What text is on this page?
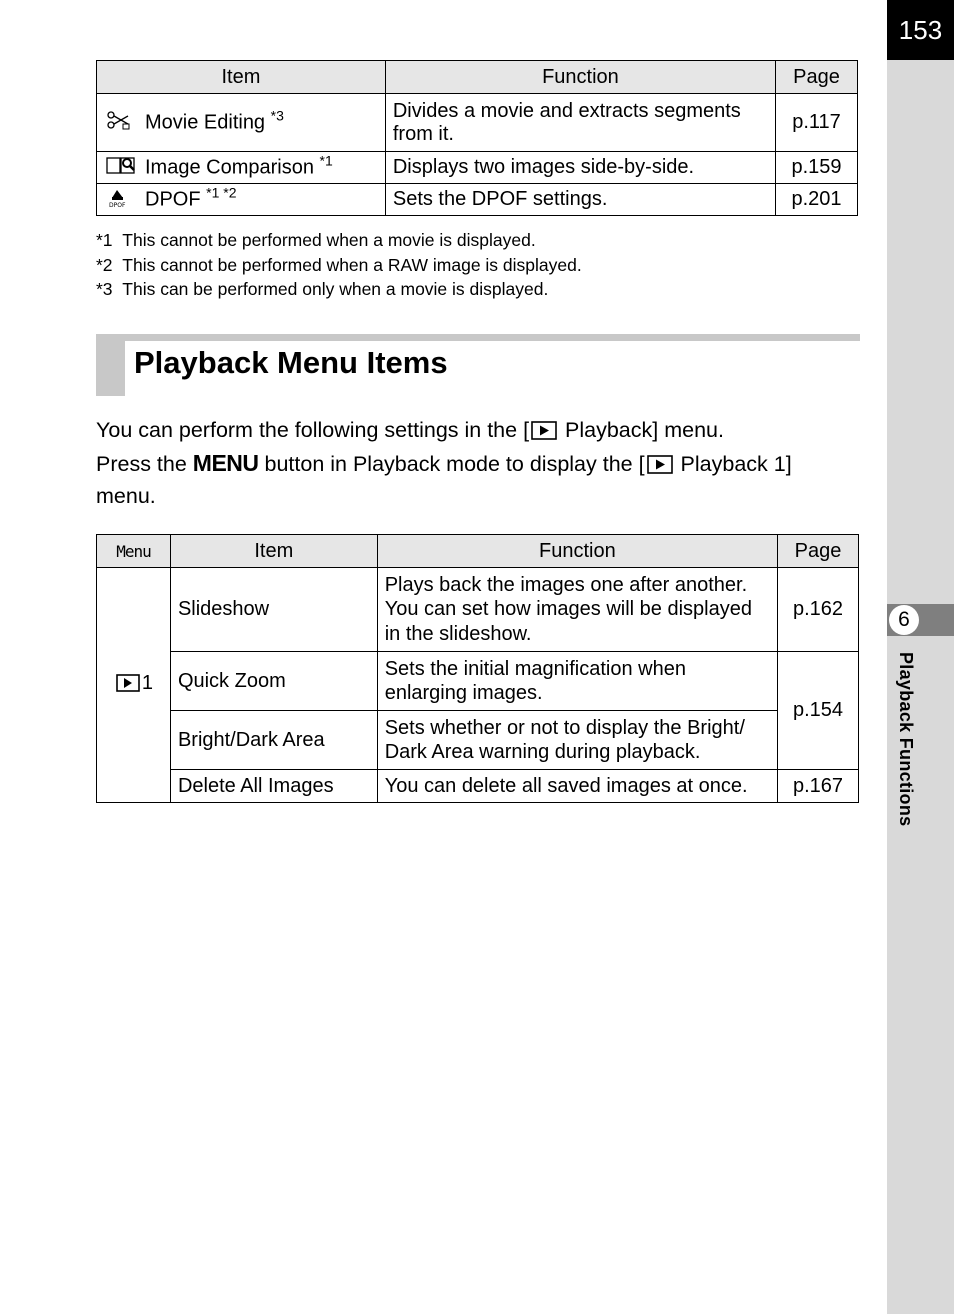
153
6
Playback Functions
Item	Function	Page
Movie Editing $^{*3}$	Divides a movie and extracts segments from it.	p.117
Image Comparison $^{*1}$	Displays two images side-by-side.	p.159

DPOF DPOF $^{*1 *2}$	Sets the DPOF settings.	p.201
*1 This cannot be performed when a movie is displayed.
*2 This cannot be performed when a RAW image is displayed.
*3 This can be performed only when a movie is displayed.
Playback Menu Items

You can perform the following settings in the [ Playback] menu.
Press the MENU button in Playback mode to display the [ Playback 1]
menu.

Menu	Item	Function	Page
1	Slideshow	Plays back the images one after another. You can set how images will be displayed in the slideshow.	p.162
	Quick Zoom	Sets the initial magnification when enlarging images.	p.154
	Bright/Dark Area	Sets whether or not to display the Bright/ Dark Area warning during playback.	
	Delete All Images	You can delete all saved images at once.	p.167
